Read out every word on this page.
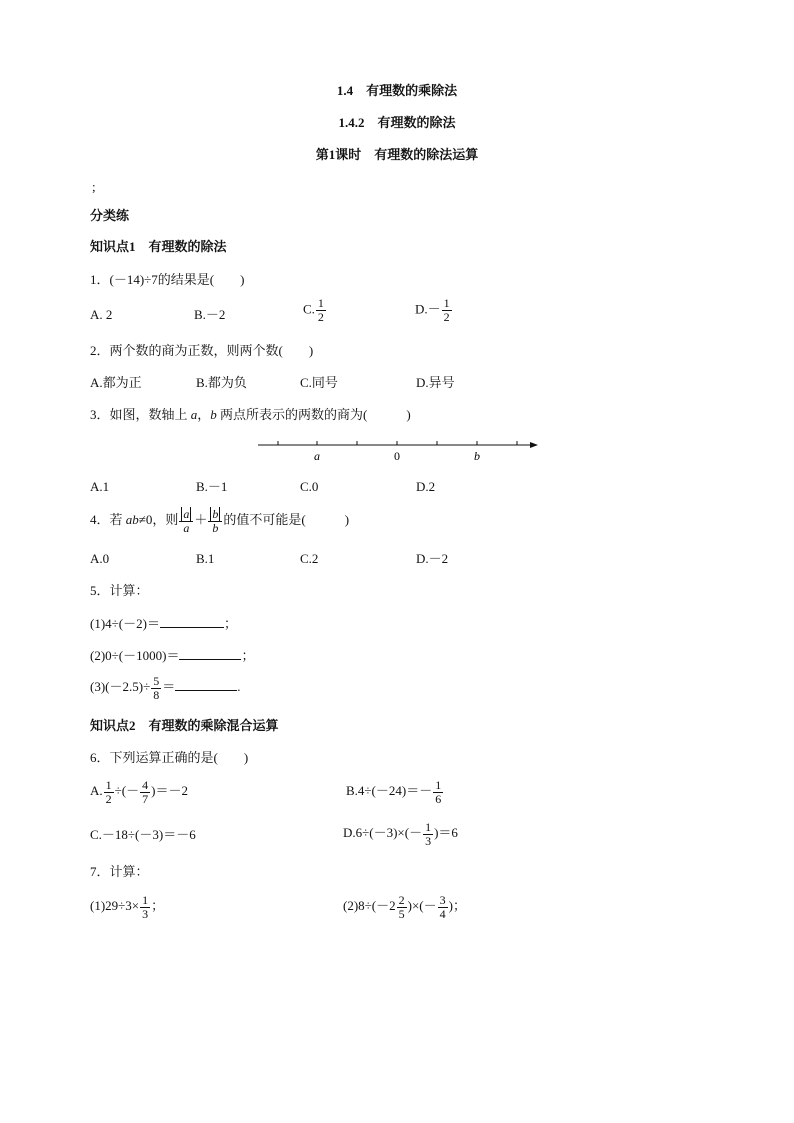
1.4　有理数的乘除法
1.4.2　有理数的除法
第1课时　有理数的除法运算
;
分类练
知识点1　有理数的除法
1．(－14)÷7的结果是(　　)
A. 2	B.－2	C. $\frac{1}{2}$	$D.- \frac{1}{2}$
2．两个数的商为正数，则两个数(　　)
A.都为正	B.都为负	C.同号	D.异号
3．如图，数轴上 a，b 两点所表示的两数的商为(　　　)
a	0	b
A.1	B.－1	C.0	D.2
4．若 ab≠0，则 $\frac{a}{a} + \frac{b}{b}$ 的值不可能是(　　　)
A.0	B.1	C.2	D.－2
5．计算：
(1)4÷(－2)＝	；
(2)0÷(－1000)＝	；
$(3)(-2.5)\div \frac{5}{8}$ ＝	.
知识点2　有理数的乘除混合运算
6．下列运算正确的是(　　)
A. $\frac{1}{2}$ ÷(－ $\frac{4}{7} )=-2$	$B.4\div(-24)=- \frac{1}{6}$
C.－18÷(－3)＝－6	$D.6\div(-3)\times(- \frac{1}{3} )=6$
7．计算：
$(1)29\div 3\times \frac{1}{3}$ ；	$(2)8\div(-2 \frac{2}{5}$ )×(－ $\frac{3}{4}$ )；
